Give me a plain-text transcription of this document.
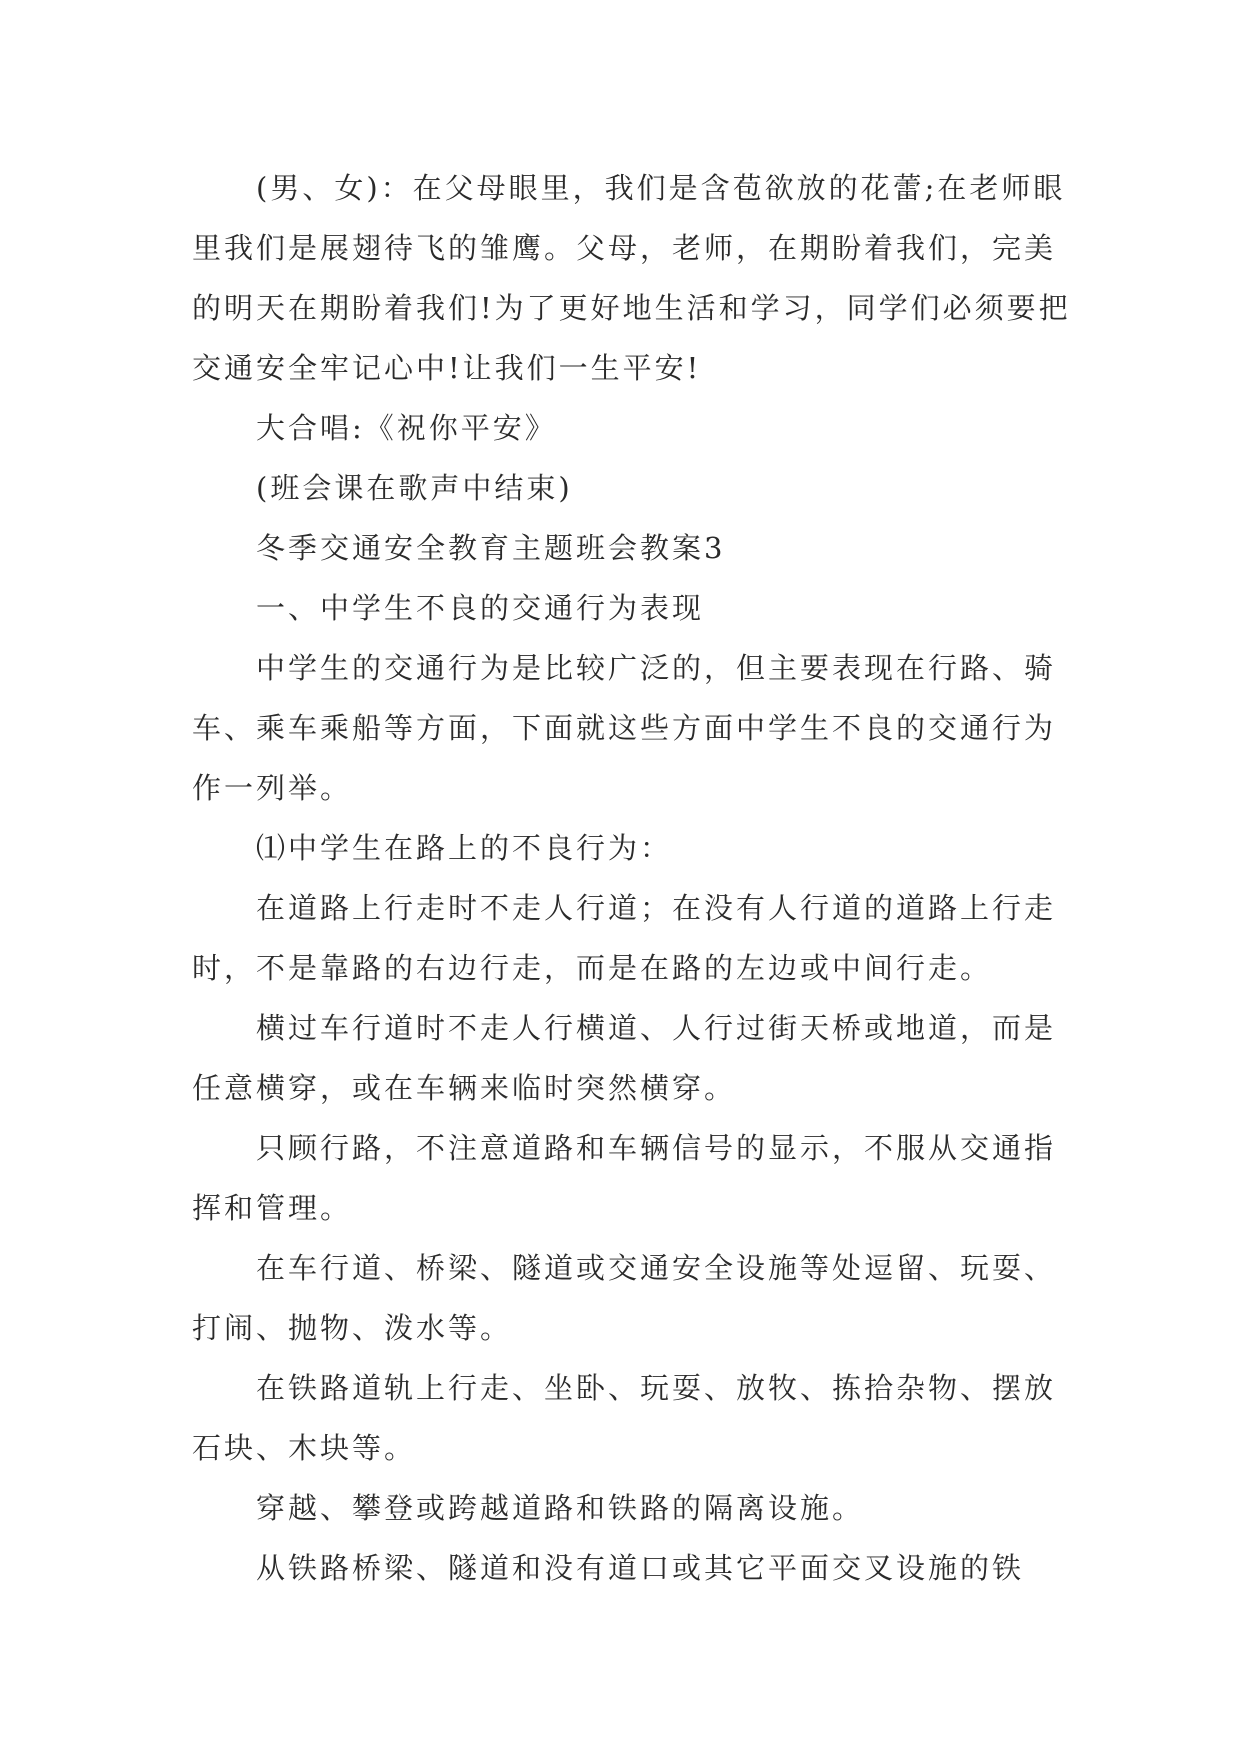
(男、女)：在父母眼里，我们是含苞欲放的花蕾;在老师眼里我们是展翅待飞的雏鹰。父母，老师，在期盼着我们，完美的明天在期盼着我们!为了更好地生活和学习，同学们必须要把交通安全牢记心中!让我们一生平安!

大合唱:《祝你平安》

(班会课在歌声中结束)

冬季交通安全教育主题班会教案3

一、中学生不良的交通行为表现

中学生的交通行为是比较广泛的，但主要表现在行路、骑车、乘车乘船等方面，下面就这些方面中学生不良的交通行为作一列举。

⑴中学生在路上的不良行为：

在道路上行走时不走人行道；在没有人行道的道路上行走时，不是靠路的右边行走，而是在路的左边或中间行走。

横过车行道时不走人行横道、人行过街天桥或地道，而是任意横穿，或在车辆来临时突然横穿。

只顾行路，不注意道路和车辆信号的显示，不服从交通指挥和管理。

在车行道、桥梁、隧道或交通安全设施等处逗留、玩耍、打闹、抛物、泼水等。

在铁路道轨上行走、坐卧、玩耍、放牧、拣拾杂物、摆放石块、木块等。

穿越、攀登或跨越道路和铁路的隔离设施。

从铁路桥梁、隧道和没有道口或其它平面交叉设施的铁
